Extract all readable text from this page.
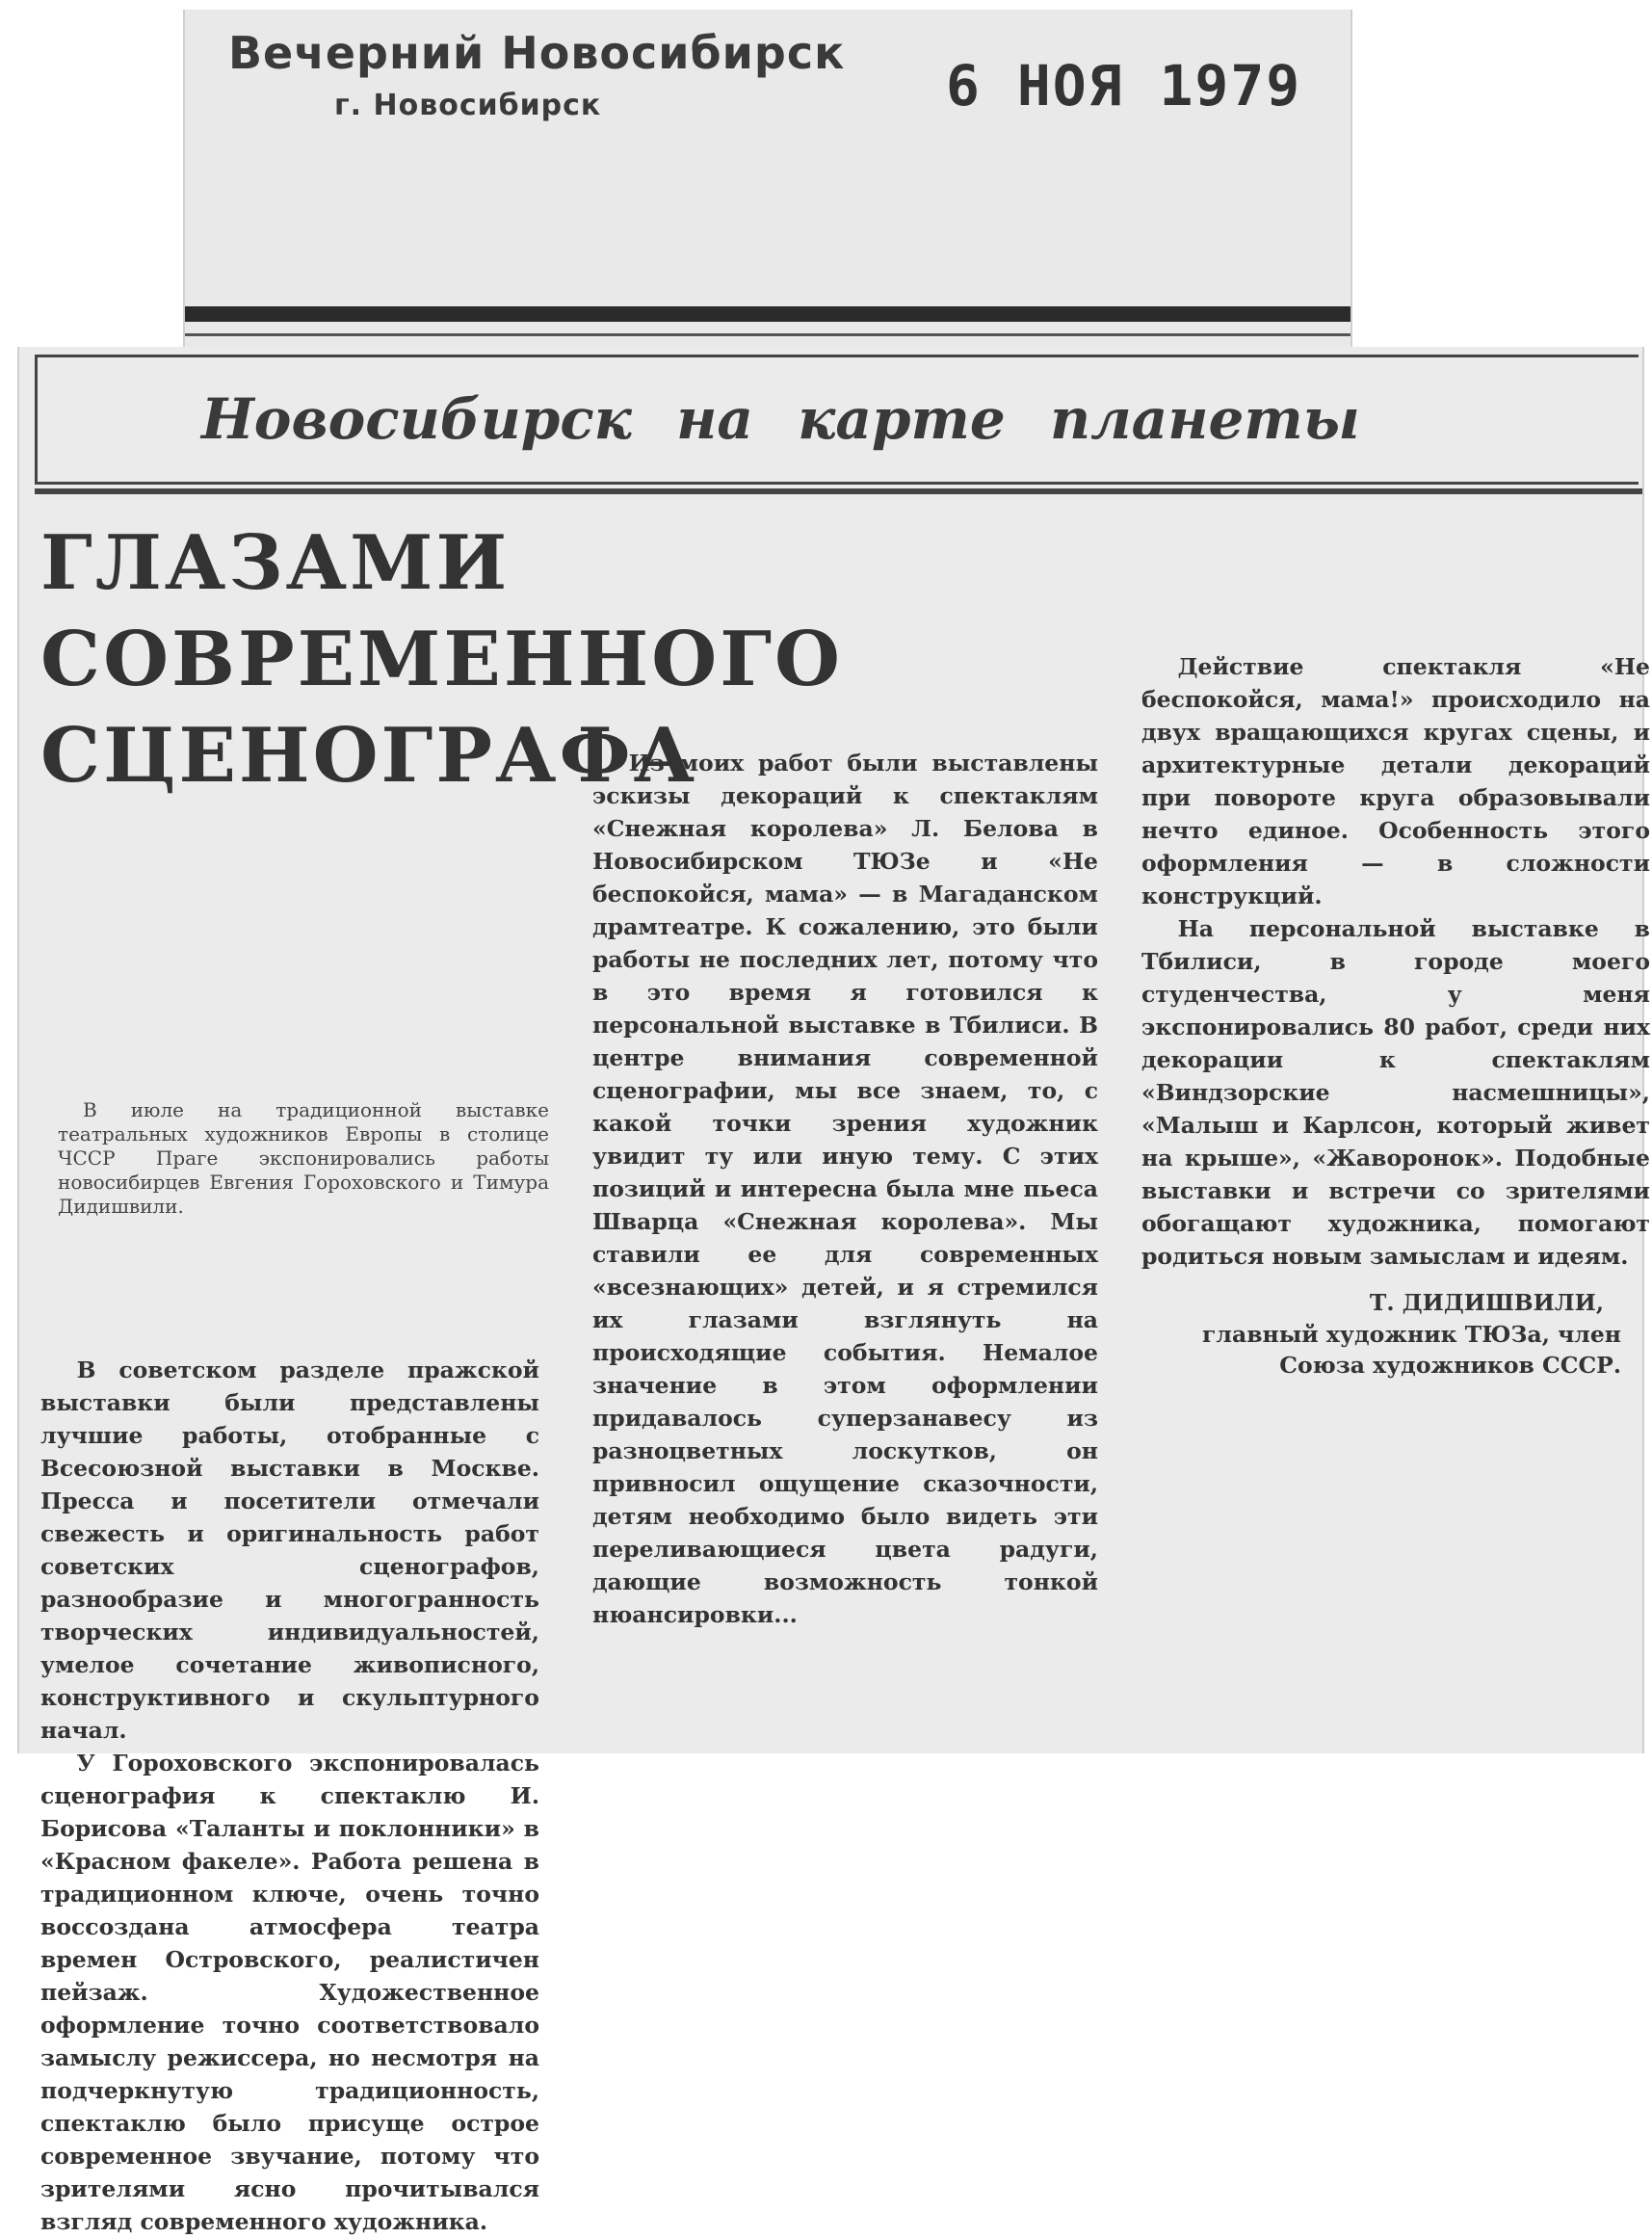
Вечерний Новосибирск
г. Новосибирск	6 НОЯ 1979
Новосибирск на карте планеты
ГЛАЗАМИ СОВРЕМЕННОГО СЦЕНОГРАФА
В июле на традиционной выставке театральных художников Европы в столице ЧССР Праге экспонировались работы новосибирцев Евгения Гороховского и Тимура Дидишвили.

В советском разделе пражской выставки были представлены лучшие работы, отобранные с Всесоюзной выставки в Москве. Пресса и посетители отмечали свежесть и оригинальность работ советских сценографов, разнообразие и многогранность творческих индивидуальностей, умелое сочетание живописного, конструктивного и скульптурного начал.

У Гороховского экспонировалась сценография к спектаклю И. Борисова «Таланты и поклонники» в «Красном факеле». Работа решена в традиционном ключе, очень точно воссоздана атмосфера театра времен Островского, реалистичен пейзаж. Художественное оформление точно соответствовало замыслу режиссера, но несмотря на подчеркнутую традиционность, спектаклю было присуще острое современное звучание, потому что зрителями ясно прочитывался взгляд современного художника.

Из моих работ были выставлены эскизы декораций к спектаклям «Снежная королева» Л. Белова в Новосибирском ТЮЗе и «Не беспокойся, мама» — в Магаданском драмтеатре. К сожалению, это были работы не последних лет, потому что в это время я готовился к персональной выставке в Тбилиси. В центре внимания современной сценографии, мы все знаем, то, с какой точки зрения художник увидит ту или иную тему. С этих позиций и интересна была мне пьеса Шварца «Снежная королева». Мы ставили ее для современных «всезнающих» детей, и я стремился их глазами взглянуть на происходящие события. Немалое значение в этом оформлении придавалось суперзанавесу из разноцветных лоскутков, он привносил ощущение сказочности, детям необходимо было видеть эти переливающиеся цвета радуги, дающие возможность тонкой нюансировки...

Действие спектакля «Не беспокойся, мама!» происходило на двух вращающихся кругах сцены, и архитектурные детали декораций при повороте круга образовывали нечто единое. Особенность этого оформления — в сложности конструкций.

На персональной выставке в Тбилиси, в городе моего студенчества, у меня экспонировались 80 работ, среди них декорации к спектаклям «Виндзорские насмешницы», «Малыш и Карлсон, который живет на крыше», «Жаворонок». Подобные выставки и встречи со зрителями обогащают художника, помогают родиться новым замыслам и идеям.

Т. ДИДИШВИЛИ,
главный художник ТЮЗа, член Союза художников СССР.
